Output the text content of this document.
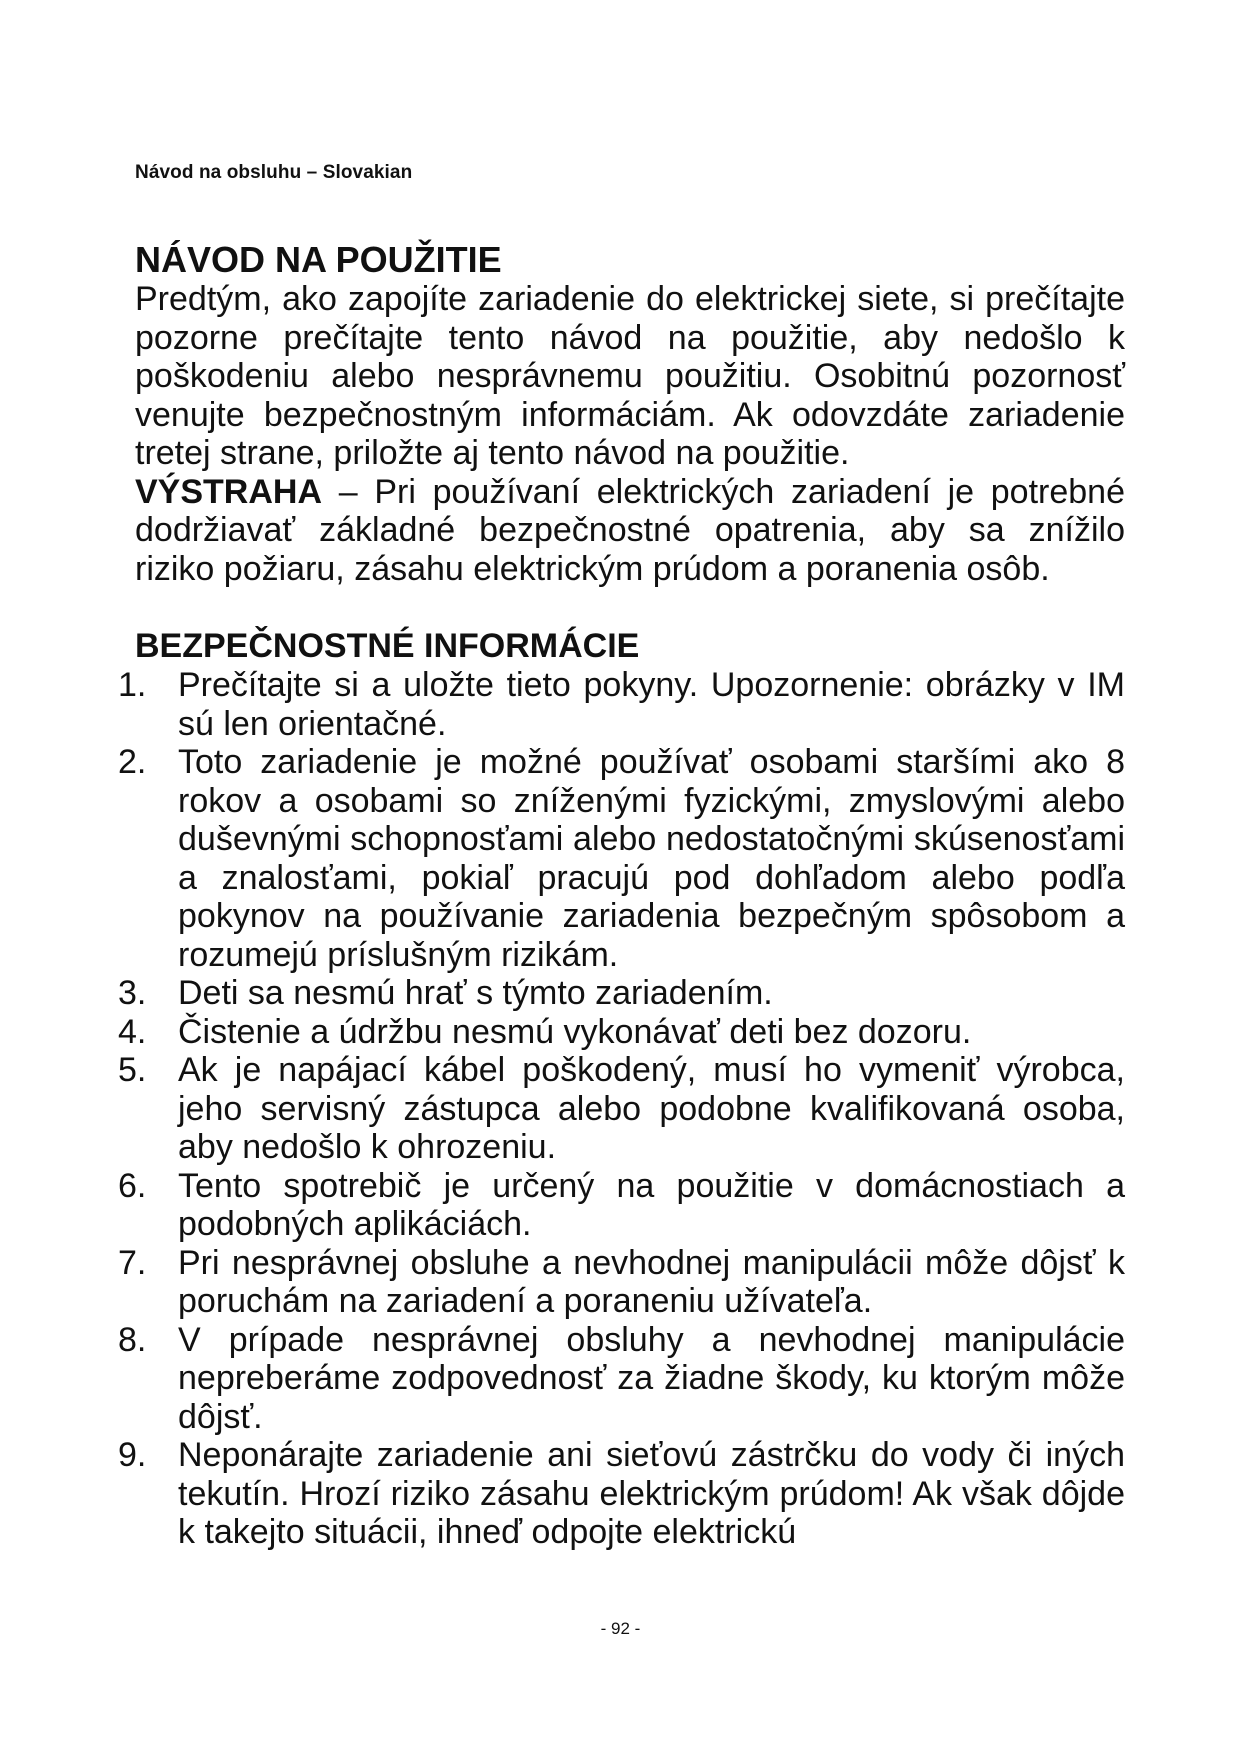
Návod na obsluhu – Slovakian
NÁVOD NA POUŽITIE

Predtým, ako zapojíte zariadenie do elektrickej siete, si prečítajte pozorne prečítajte tento návod na použitie, aby nedošlo k poškodeniu alebo nesprávnemu použitiu. Osobitnú pozornosť venujte bezpečnostným informáciám. Ak odovzdáte zariadenie tretej strane, priložte aj tento návod na použitie.

VÝSTRAHA – Pri používaní elektrických zariadení je potrebné dodržiavať základné bezpečnostné opatrenia, aby sa znížilo riziko požiaru, zásahu elektrickým prúdom a poranenia osôb.

BEZPEČNOSTNÉ INFORMÁCIE
1. Prečítajte si a uložte tieto pokyny. Upozornenie: obrázky v IM sú len orientačné.
2. Toto zariadenie je možné používať osobami staršími ako 8 rokov a osobami so zníženými fyzickými, zmyslovými alebo duševnými schopnosťami alebo nedostatočnými skúsenosťami a znalosťami, pokiaľ pracujú pod dohľadom alebo podľa pokynov na používanie zariadenia bezpečným spôsobom a rozumejú príslušným rizikám.
3. Deti sa nesmú hrať s týmto zariadením.
4. Čistenie a údržbu nesmú vykonávať deti bez dozoru.
5. Ak je napájací kábel poškodený, musí ho vymeniť výrobca, jeho servisný zástupca alebo podobne kvalifikovaná osoba, aby nedošlo k ohrozeniu.
6. Tento spotrebič je určený na použitie v domácnostiach a podobných aplikáciách.
7. Pri nesprávnej obsluhe a nevhodnej manipulácii môže dôjsť k poruchám na zariadení a poraneniu užívateľa.
8. V prípade nesprávnej obsluhy a nevhodnej manipulácie nepreberáme zodpovednosť za žiadne škody, ku ktorým môže dôjsť.
9. Neponárajte zariadenie ani sieťovú zástrčku do vody či iných tekutín. Hrozí riziko zásahu elektrickým prúdom! Ak však dôjde k takejto situácii, ihneď odpojte elektrickú
- 92 -
